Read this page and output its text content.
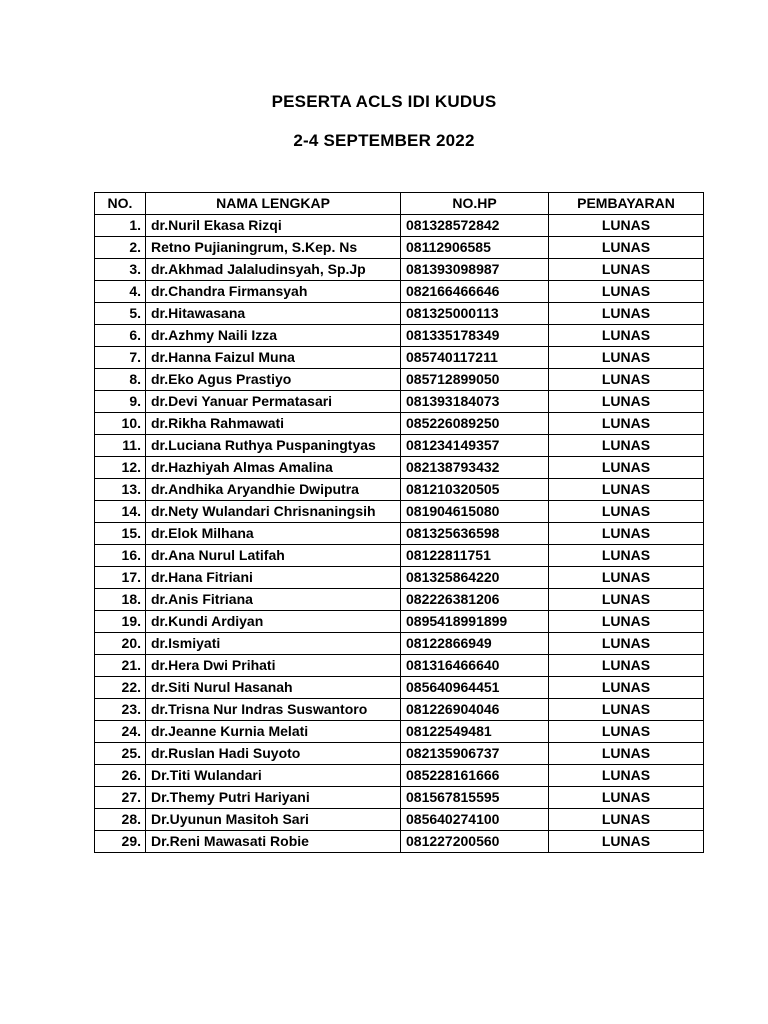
PESERTA ACLS IDI KUDUS
2-4 SEPTEMBER 2022
NO.	NAMA LENGKAP	NO.HP	PEMBAYARAN
1.	dr.Nuril Ekasa Rizqi	081328572842	LUNAS
2.	Retno Pujianingrum, S.Kep. Ns	08112906585	LUNAS
3.	dr.Akhmad Jalaludinsyah, Sp.Jp	081393098987	LUNAS
4.	dr.Chandra Firmansyah	082166466646	LUNAS
5.	dr.Hitawasana	081325000113	LUNAS
6.	dr.Azhmy Naili Izza	081335178349	LUNAS
7.	dr.Hanna Faizul Muna	085740117211	LUNAS
8.	dr.Eko Agus Prastiyo	085712899050	LUNAS
9.	dr.Devi Yanuar Permatasari	081393184073	LUNAS
10.	dr.Rikha Rahmawati	085226089250	LUNAS
11.	dr.Luciana Ruthya Puspaningtyas	081234149357	LUNAS
12.	dr.Hazhiyah Almas Amalina	082138793432	LUNAS
13.	dr.Andhika Aryandhie Dwiputra	081210320505	LUNAS
14.	dr.Nety Wulandari Chrisnaningsih	081904615080	LUNAS
15.	dr.Elok Milhana	081325636598	LUNAS
16.	dr.Ana Nurul Latifah	08122811751	LUNAS
17.	dr.Hana Fitriani	081325864220	LUNAS
18.	dr.Anis Fitriana	082226381206	LUNAS
19.	dr.Kundi Ardiyan	0895418991899	LUNAS
20.	dr.Ismiyati	08122866949	LUNAS
21.	dr.Hera Dwi Prihati	081316466640	LUNAS
22.	dr.Siti Nurul Hasanah	085640964451	LUNAS
23.	dr.Trisna Nur Indras Suswantoro	081226904046	LUNAS
24.	dr.Jeanne Kurnia Melati	08122549481	LUNAS
25.	dr.Ruslan Hadi Suyoto	082135906737	LUNAS
26.	Dr.Titi Wulandari	085228161666	LUNAS
27.	Dr.Themy Putri Hariyani	081567815595	LUNAS
28.	Dr.Uyunun Masitoh Sari	085640274100	LUNAS
29.	Dr.Reni Mawasati Robie	081227200560	LUNAS
